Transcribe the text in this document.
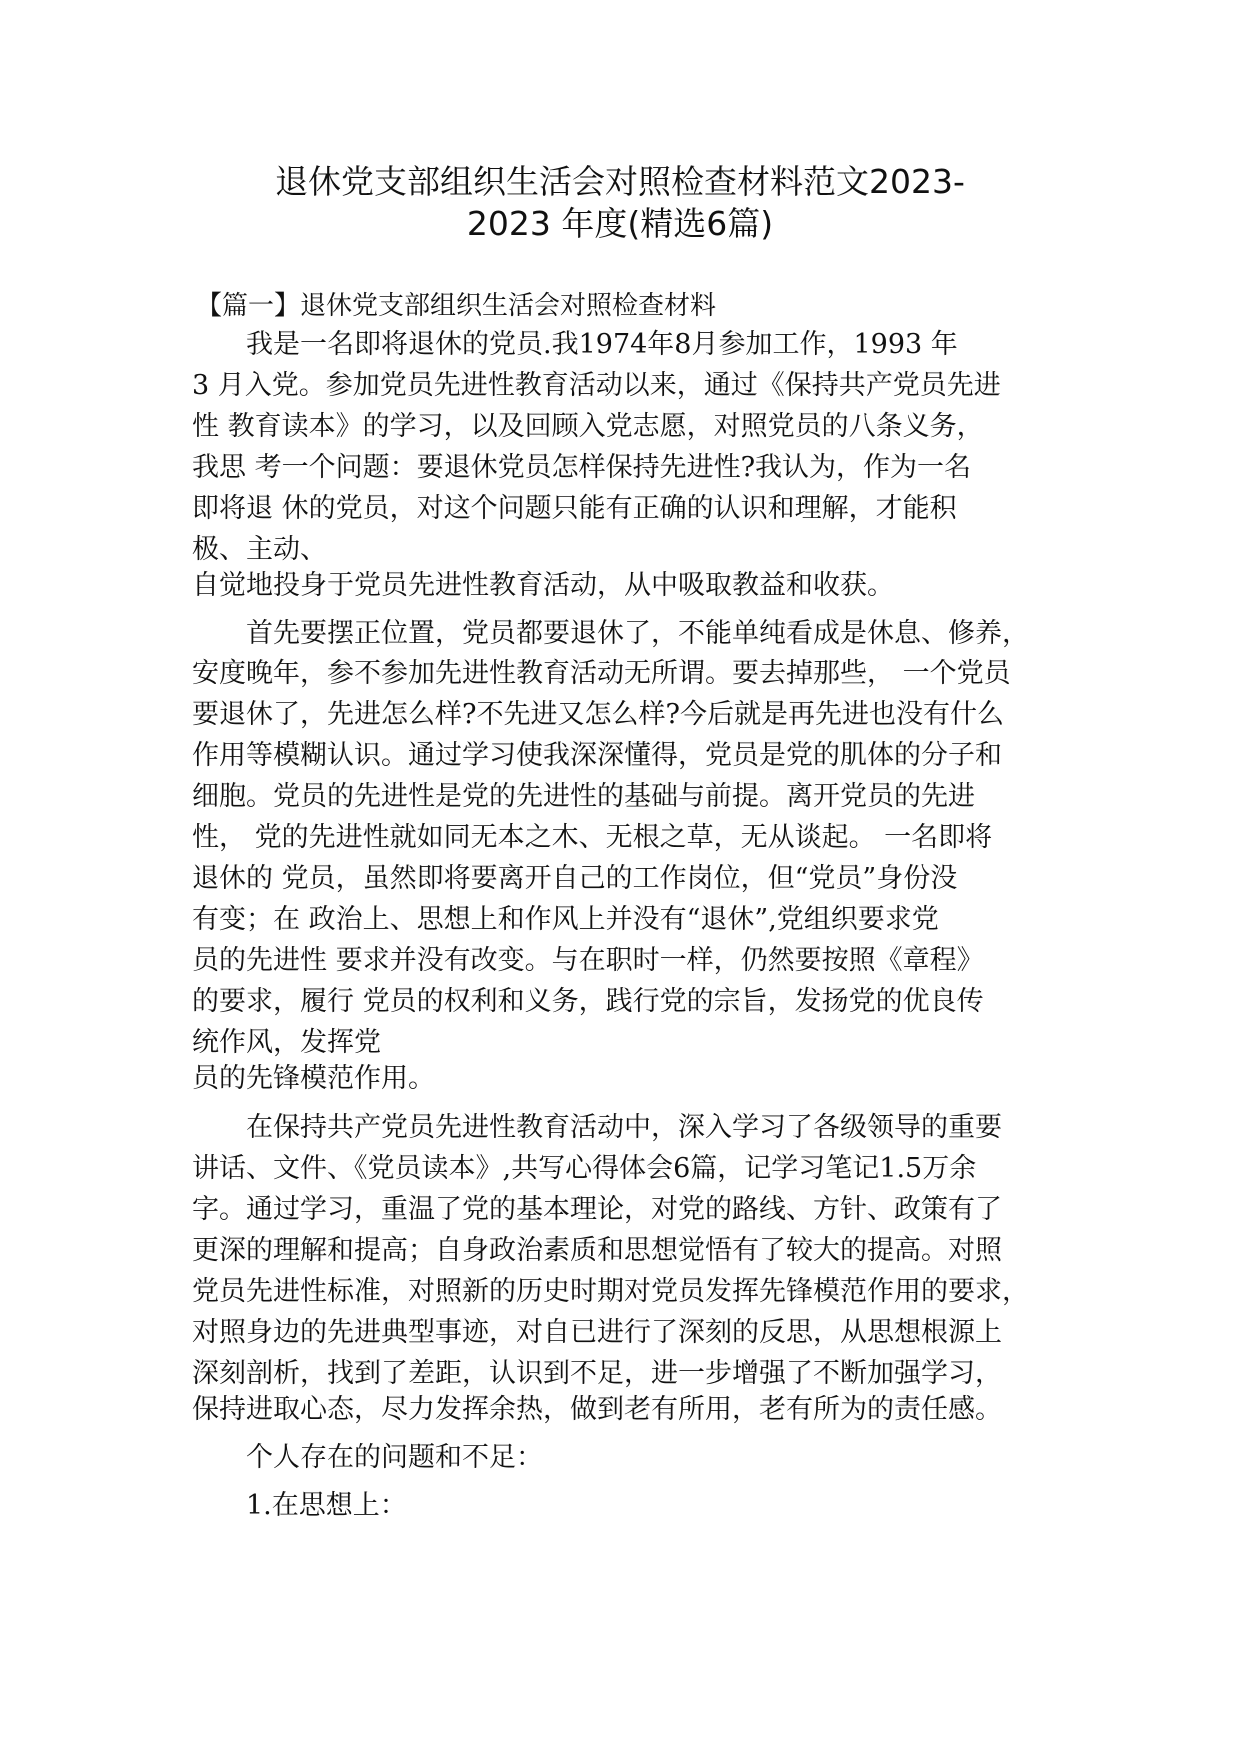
退休党支部组织生活会对照检查材料范文2023-
2023 年度(精选6篇)
【篇一】退休党支部组织生活会对照检查材料
我是一名即将退休的党员.我1974年8月参加工作，1993 年
3 月入党。参加党员先进性教育活动以来，通过《保持共产党员先进
性 教育读本》的学习，以及回顾入党志愿，对照党员的八条义务，
我思 考一个问题：要退休党员怎样保持先进性?我认为，作为一名
即将退 休的党员，对这个问题只能有正确的认识和理解，才能积
极、主动、
自觉地投身于党员先进性教育活动，从中吸取教益和收获。
首先要摆正位置，党员都要退休了，不能单纯看成是休息、修养，
安度晚年，参不参加先进性教育活动无所谓。要去掉那些， 一个党员
要退休了，先进怎么样?不先进又怎么样?今后就是再先进也没有什么
作用等模糊认识。通过学习使我深深懂得，党员是党的肌体的分子和
细胞。党员的先进性是党的先进性的基础与前提。离开党员的先进
性， 党的先进性就如同无本之木、无根之草，无从谈起。 一名即将
退休的 党员，虽然即将要离开自己的工作岗位，但“党员”身份没
有变；在 政治上、思想上和作风上并没有“退休”,党组织要求党
员的先进性 要求并没有改变。与在职时一样，仍然要按照《章程》
的要求，履行 党员的权利和义务，践行党的宗旨，发扬党的优良传
统作风，发挥党
员的先锋模范作用。
在保持共产党员先进性教育活动中，深入学习了各级领导的重要
讲话、文件、《党员读本》,共写心得体会6篇，记学习笔记1.5万余
字。通过学习，重温了党的基本理论，对党的路线、方针、政策有了
更深的理解和提高；自身政治素质和思想觉悟有了较大的提高。对照
党员先进性标准，对照新的历史时期对党员发挥先锋模范作用的要求，
对照身边的先进典型事迹，对自已进行了深刻的反思，从思想根源上
深刻剖析，找到了差距，认识到不足，进一步增强了不断加强学习，
保持进取心态，尽力发挥余热，做到老有所用，老有所为的责任感。
个人存在的问题和不足：
1.在思想上：
